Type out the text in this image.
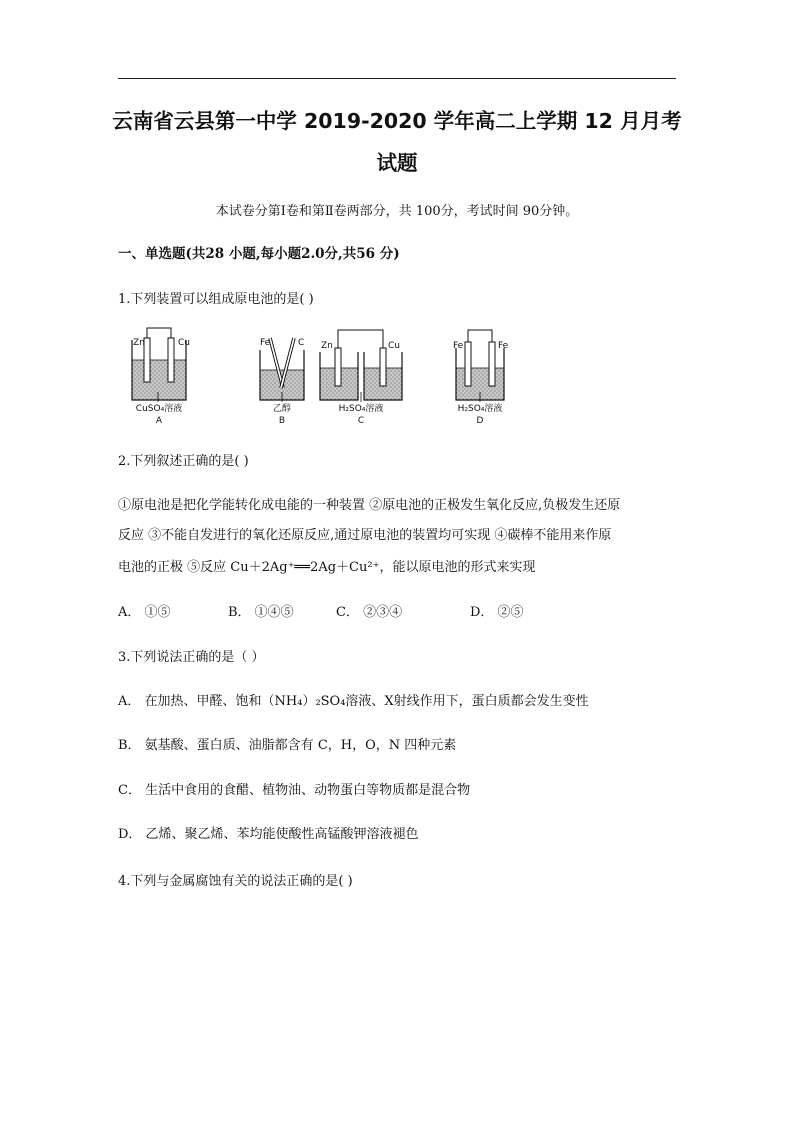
云南省云县第一中学 2019-2020 学年高二上学期 12 月月考
试题
本试卷分第Ⅰ卷和第Ⅱ卷两部分，共 100分，考试时间 90分钟。
一、单选题(共28 小题,每小题2.0分,共56 分)
1.下列装置可以组成原电池的是( )
Zn	Cu
CuSO₄溶液
A
Fe	C
乙醇
B
Zn	Cu
H₂SO₄溶液
C
Fe	Fe
H₂SO₄溶液
D
2.下列叙述正确的是( )
①原电池是把化学能转化成电能的一种装置 ②原电池的正极发生氧化反应,负极发生还原
反应 ③不能自发进行的氧化还原反应,通过原电池的装置均可实现 ④碳棒不能用来作原
电池的正极 ⑤反应 Cu＋2Ag⁺══2Ag＋Cu²⁺，能以原电池的形式来实现
A． ①⑤	B． ①④⑤	C． ②③④	D． ②⑤
3.下列说法正确的是（ ）
A． 在加热、甲醛、饱和（NH₄）₂SO₄溶液、X射线作用下，蛋白质都会发生变性
B． 氨基酸、蛋白质、油脂都含有 C，H，O，N 四种元素
C． 生活中食用的食醋、植物油、动物蛋白等物质都是混合物
D． 乙烯、聚乙烯、苯均能使酸性高锰酸钾溶液褪色
4.下列与金属腐蚀有关的说法正确的是( )
